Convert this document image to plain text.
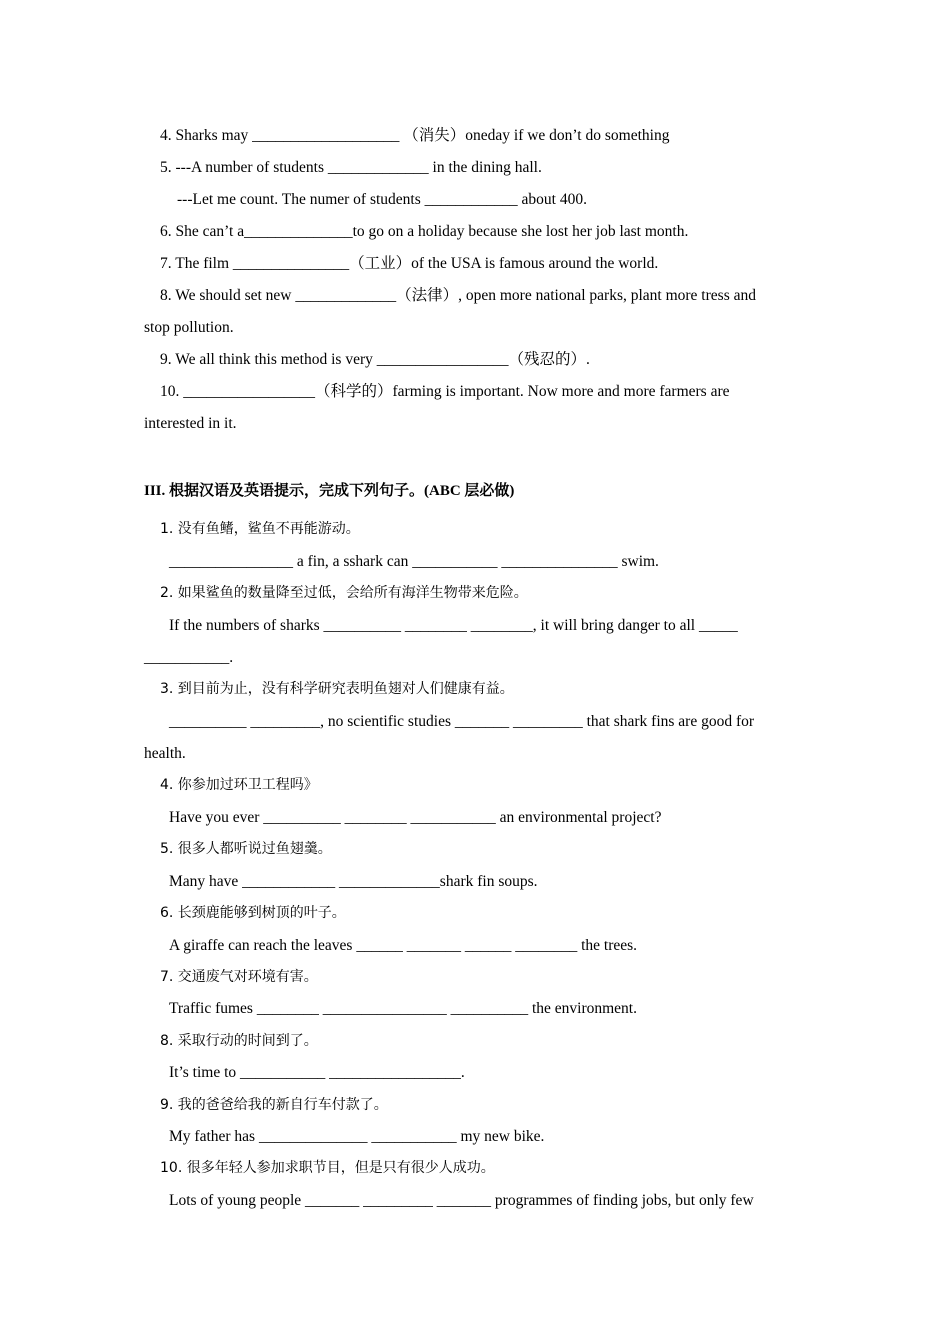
4. Sharks may ___________________ （消失）oneday if we don’t do something
5. ---A number of students _____________ in the dining hall.
---Let me count. The numer of students ____________ about 400.
6. She can’t a______________to go on a holiday because she lost her job last month.
7. The film _______________（工业）of the USA is famous around the world.
8. We should set new _____________（法律）, open more national parks, plant more tress and
stop pollution.
9. We all think this method is very _________________（残忍的）.
10. _________________（科学的）farming is important. Now more and more farmers are
interested in it.
III. 根据汉语及英语提示，完成下列句子。(ABC 层必做)
1. 没有鱼鳍，鲨鱼不再能游动。
________________ a fin, a sshark can ___________ _______________ swim.
2. 如果鲨鱼的数量降至过低，会给所有海洋生物带来危险。
If the numbers of sharks __________ ________ ________, it will bring danger to all _____
___________.
3. 到目前为止，没有科学研究表明鱼翅对人们健康有益。
__________ _________, no scientific studies _______ _________ that shark fins are good for
health.
4. 你参加过环卫工程吗》
Have you ever __________ ________ ___________ an environmental project?
5. 很多人都听说过鱼翅羹。
Many have ____________ _____________shark fin soups.
6. 长颈鹿能够到树顶的叶子。
A giraffe can reach the leaves ______ _______ ______ ________ the trees.
7. 交通废气对环境有害。
Traffic fumes ________ ________________ __________ the environment.
8. 采取行动的时间到了。
It’s time to ___________ _________________.
9. 我的爸爸给我的新自行车付款了。
My father has ______________ ___________ my new bike.
10. 很多年轻人参加求职节目，但是只有很少人成功。
Lots of young people _______ _________ _______ programmes of finding jobs, but only few
